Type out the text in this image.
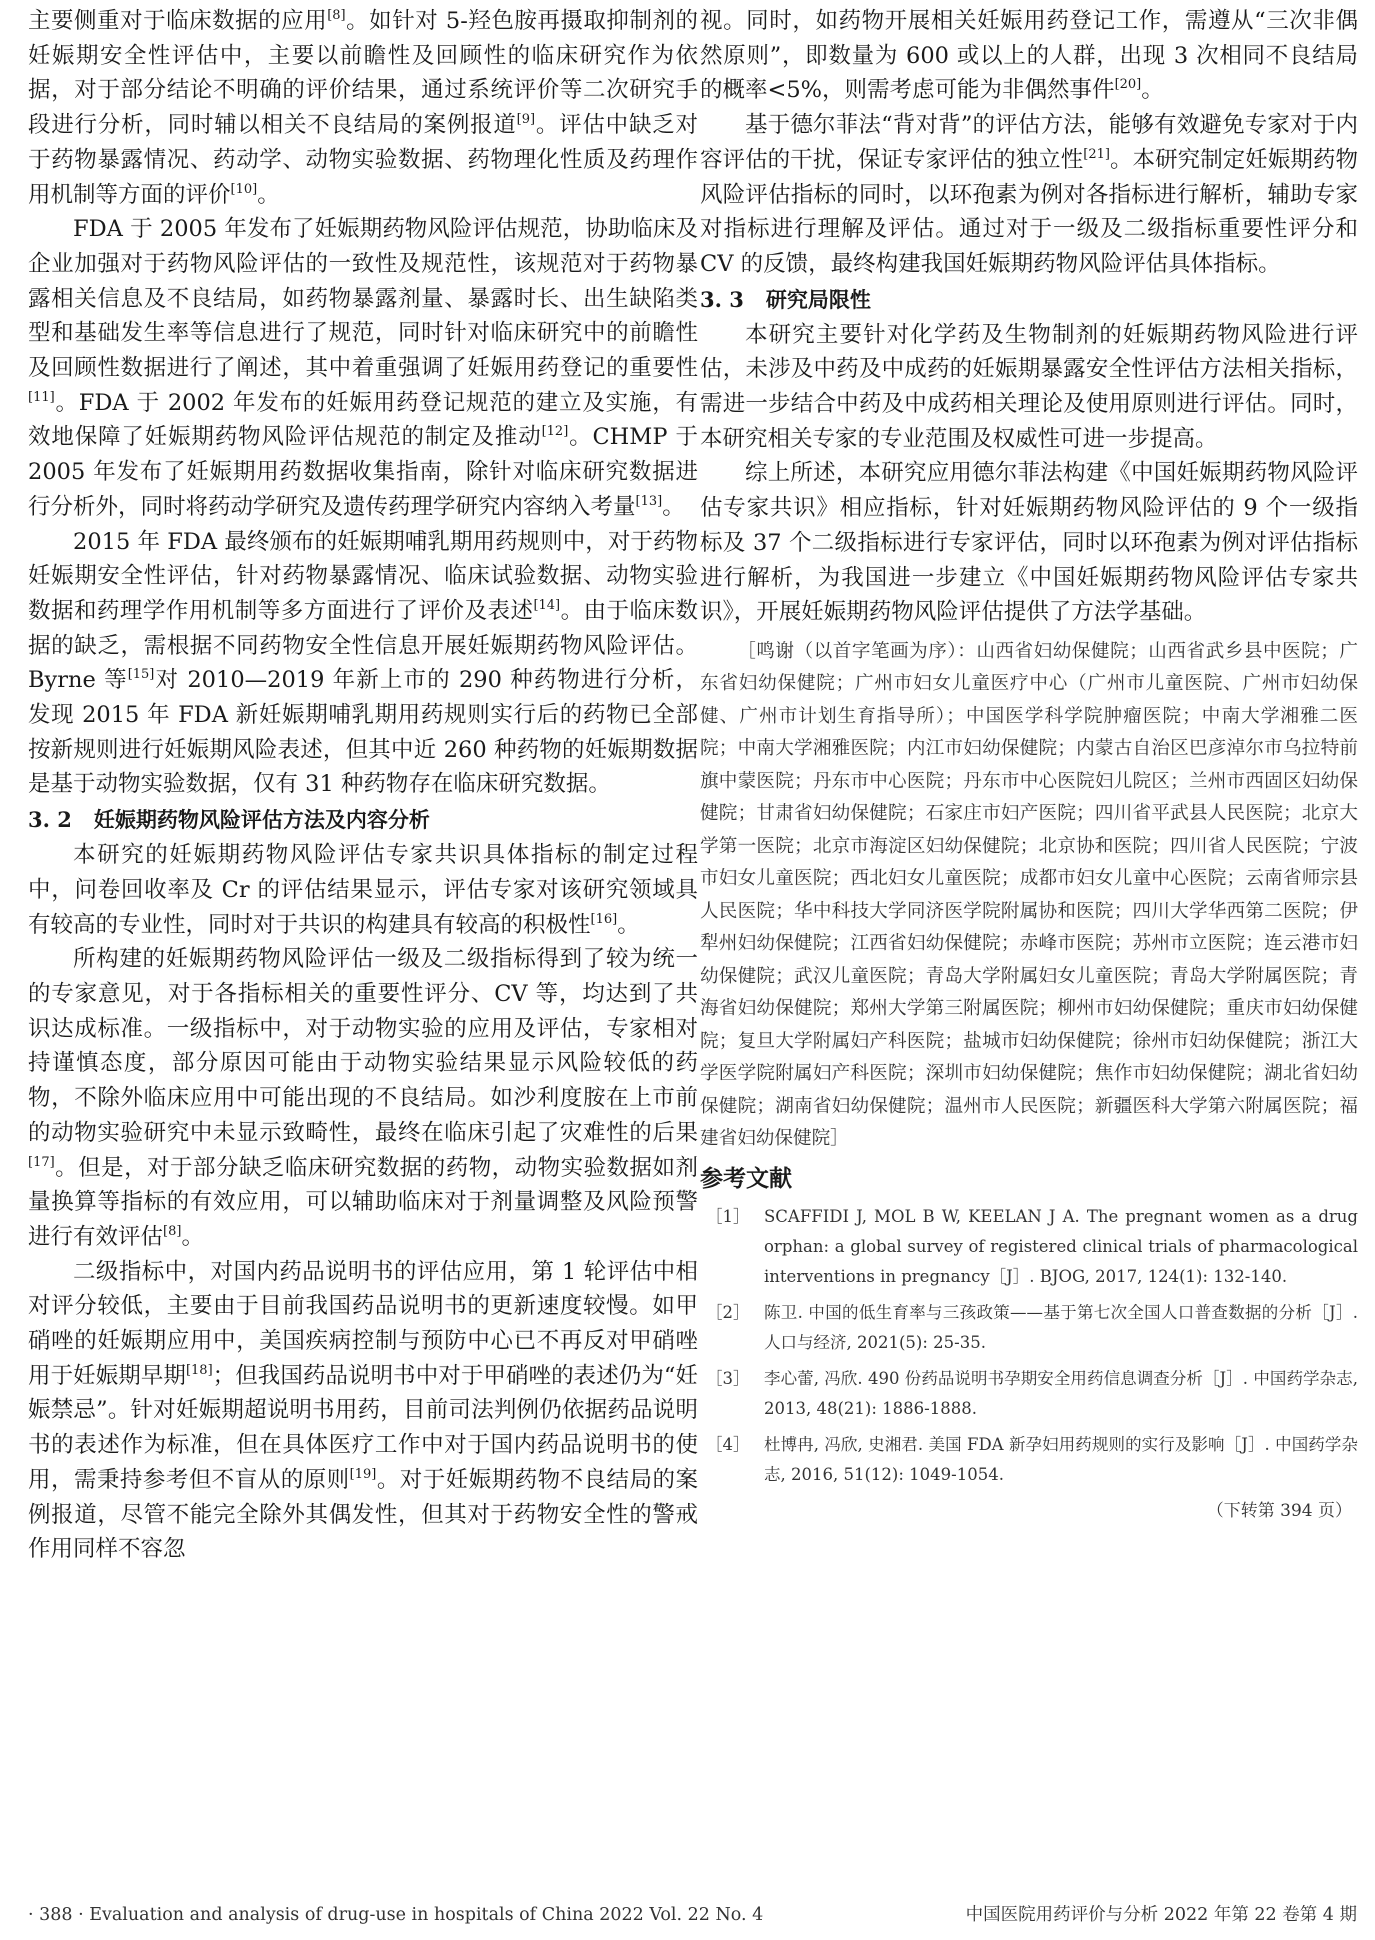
主要侧重对于临床数据的应用[8]。如针对 5-羟色胺再摄取抑制剂的妊娠期安全性评估中，主要以前瞻性及回顾性的临床研究作为依据，对于部分结论不明确的评价结果，通过系统评价等二次研究手段进行分析，同时辅以相关不良结局的案例报道[9]。评估中缺乏对于药物暴露情况、药动学、动物实验数据、药物理化性质及药理作用机制等方面的评价[10]。

FDA 于 2005 年发布了妊娠期药物风险评估规范，协助临床及企业加强对于药物风险评估的一致性及规范性，该规范对于药物暴露相关信息及不良结局，如药物暴露剂量、暴露时长、出生缺陷类型和基础发生率等信息进行了规范，同时针对临床研究中的前瞻性及回顾性数据进行了阐述，其中着重强调了妊娠用药登记的重要性[11]。FDA 于 2002 年发布的妊娠用药登记规范的建立及实施，有效地保障了妊娠期药物风险评估规范的制定及推动[12]。CHMP 于 2005 年发布了妊娠期用药数据收集指南，除针对临床研究数据进行分析外，同时将药动学研究及遗传药理学研究内容纳入考量[13]。

2015 年 FDA 最终颁布的妊娠期哺乳期用药规则中，对于药物妊娠期安全性评估，针对药物暴露情况、临床试验数据、动物实验数据和药理学作用机制等多方面进行了评价及表述[14]。由于临床数据的缺乏，需根据不同药物安全性信息开展妊娠期药物风险评估。Byrne 等[15]对 2010—2019 年新上市的 290 种药物进行分析，发现 2015 年 FDA 新妊娠期哺乳期用药规则实行后的药物已全部按新规则进行妊娠期风险表述，但其中近 260 种药物的妊娠期数据是基于动物实验数据，仅有 31 种药物存在临床研究数据。

3. 2 妊娠期药物风险评估方法及内容分析

本研究的妊娠期药物风险评估专家共识具体指标的制定过程中，问卷回收率及 Cr 的评估结果显示，评估专家对该研究领域具有较高的专业性，同时对于共识的构建具有较高的积极性[16]。

所构建的妊娠期药物风险评估一级及二级指标得到了较为统一的专家意见，对于各指标相关的重要性评分、CV 等，均达到了共识达成标准。一级指标中，对于动物实验的应用及评估，专家相对持谨慎态度，部分原因可能由于动物实验结果显示风险较低的药物，不除外临床应用中可能出现的不良结局。如沙利度胺在上市前的动物实验研究中未显示致畸性，最终在临床引起了灾难性的后果[17]。但是，对于部分缺乏临床研究数据的药物，动物实验数据如剂量换算等指标的有效应用，可以辅助临床对于剂量调整及风险预警进行有效评估[8]。

二级指标中，对国内药品说明书的评估应用，第 1 轮评估中相对评分较低，主要由于目前我国药品说明书的更新速度较慢。如甲硝唑的妊娠期应用中，美国疾病控制与预防中心已不再反对甲硝唑用于妊娠期早期[18]；但我国药品说明书中对于甲硝唑的表述仍为“妊娠禁忌”。针对妊娠期超说明书用药，目前司法判例仍依据药品说明书的表述作为标准，但在具体医疗工作中对于国内药品说明书的使用，需秉持参考但不盲从的原则[19]。对于妊娠期药物不良结局的案例报道，尽管不能完全除外其偶发性，但其对于药物安全性的警戒作用同样不容忽

视。同时，如药物开展相关妊娠用药登记工作，需遵从“三次非偶然原则”，即数量为 600 或以上的人群，出现 3 次相同不良结局的概率<5%，则需考虑可能为非偶然事件[20]。

基于德尔菲法“背对背”的评估方法，能够有效避免专家对于内容评估的干扰，保证专家评估的独立性[21]。本研究制定妊娠期药物风险评估指标的同时，以环孢素为例对各指标进行解析，辅助专家对指标进行理解及评估。通过对于一级及二级指标重要性评分和 CV 的反馈，最终构建我国妊娠期药物风险评估具体指标。

3. 3 研究局限性

本研究主要针对化学药及生物制剂的妊娠期药物风险进行评估，未涉及中药及中成药的妊娠期暴露安全性评估方法相关指标，需进一步结合中药及中成药相关理论及使用原则进行评估。同时，本研究相关专家的专业范围及权威性可进一步提高。

综上所述，本研究应用德尔菲法构建《中国妊娠期药物风险评估专家共识》相应指标，针对妊娠期药物风险评估的 9 个一级指标及 37 个二级指标进行专家评估，同时以环孢素为例对评估指标进行解析，为我国进一步建立《中国妊娠期药物风险评估专家共识》，开展妊娠期药物风险评估提供了方法学基础。

［鸣谢（以首字笔画为序）：山西省妇幼保健院；山西省武乡县中医院；广东省妇幼保健院；广州市妇女儿童医疗中心（广州市儿童医院、广州市妇幼保健、广州市计划生育指导所）；中国医学科学院肿瘤医院；中南大学湘雅二医院；中南大学湘雅医院；内江市妇幼保健院；内蒙古自治区巴彦淖尔市乌拉特前旗中蒙医院；丹东市中心医院；丹东市中心医院妇儿院区；兰州市西固区妇幼保健院；甘肃省妇幼保健院；石家庄市妇产医院；四川省平武县人民医院；北京大学第一医院；北京市海淀区妇幼保健院；北京协和医院；四川省人民医院；宁波市妇女儿童医院；西北妇女儿童医院；成都市妇女儿童中心医院；云南省师宗县人民医院；华中科技大学同济医学院附属协和医院；四川大学华西第二医院；伊犁州妇幼保健院；江西省妇幼保健院；赤峰市医院；苏州市立医院；连云港市妇幼保健院；武汉儿童医院；青岛大学附属妇女儿童医院；青岛大学附属医院；青海省妇幼保健院；郑州大学第三附属医院；柳州市妇幼保健院；重庆市妇幼保健院；复旦大学附属妇产科医院；盐城市妇幼保健院；徐州市妇幼保健院；浙江大学医学院附属妇产科医院；深圳市妇幼保健院；焦作市妇幼保健院；湖北省妇幼保健院；湖南省妇幼保健院；温州市人民医院；新疆医科大学第六附属医院；福建省妇幼保健院］

参考文献
［1］ SCAFFIDI J, MOL B W, KEELAN J A. The pregnant women as a drug orphan: a global survey of registered clinical trials of pharmacological interventions in pregnancy［J］. BJOG, 2017, 124(1): 132-140.
［2］ 陈卫. 中国的低生育率与三孩政策——基于第七次全国人口普查数据的分析［J］. 人口与经济, 2021(5): 25-35.
［3］ 李心蕾, 冯欣. 490 份药品说明书孕期安全用药信息调查分析［J］. 中国药学杂志, 2013, 48(21): 1886-1888.
［4］ 杜博冉, 冯欣, 史湘君. 美国 FDA 新孕妇用药规则的实行及影响［J］. 中国药学杂志, 2016, 51(12): 1049-1054.
（下转第 394 页）
· 388 · Evaluation and analysis of drug-use in hospitals of China 2022 Vol. 22 No. 4	中国医院用药评价与分析 2022 年第 22 卷第 4 期
